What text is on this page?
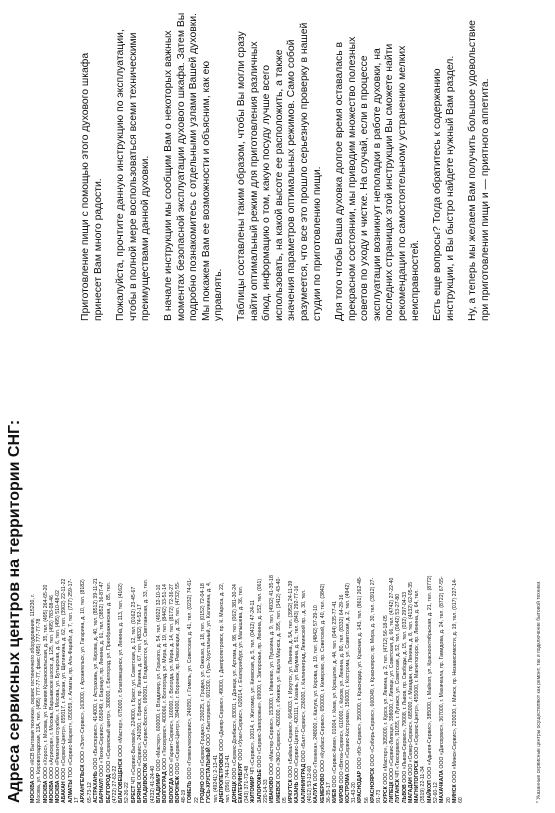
Адреса сервисных центров на территории СНГ: МОСКВА ООО «КСВ Бытовая техника», сервис гостиничного оборудования, 115230, г. Москва, ул. Кировоградская, 13А, тел. (495) 777-77-77, факс (495) 777-77-78 МОСКВА ООО «Хорос», г. Москва, ул. Нижняя Красносельская, д. 35, тел. (495) 264-65-20

МОСКВА ООО «Агрисерв», г. Москва, Варшавское шоссе, д. 125, тел. (495) 783-08-46

МОСКВА ООО «Ремонтная служба», г. Москва, ул. Бутырская, д. 6, тел. (495) 510-48-02

АБАКАН ООО «Сервис-Центр», 655017, г. Абакан, ул. Щетинкина, д. 62, тел. (3902) 22-11-22

АЛМАТЫ ТОО «Сервис-Маркет», 050059, г. Алматы, пр. Аль-Фараби, д. 7, тел. (727) 259-17-17 АРХАНГЕЛЬСК ООО «Элит-Сервис», 163000, г. Архангельск, ул. Гагарина, д. 10, тел. (8182) 65-73-12 АСТРАХАНЬ ООО «Бытсервис», 414000, г. Астрахань, ул. Кирова, д. 40, тел. (8512) 39-11-21

БАРНАУЛ ООО «Техно-Сервис», 656049, г. Барнаул, пр. Ленина, д. 61, тел. (3852) 36-87-47

БЕЛГОРОД ООО «Сервисный центр», 308000, г. Белгород, ул. Преображенская, д. 85, тел. (4722) 27-63-22 БЛАГОВЕЩЕНСК ООО «Мастер», 675000, г. Благовещенск, ул. Ленина, д. 113, тел. (4162) 52-26-22 БРЕСТ ЧП «Сервис-Бытовой», 224000, г. Брест, ул. Советская, д. 12, тел. (0162) 23-45-67

БРЯНСК ООО «Сервис», 241050, г. Брянск, пр. Ленина, д. 67, тел. (4832) 74-52-17

ВЛАДИВОСТОК ООО «Сервис-Восток», 690091, г. Владивосток, ул. Светланская, д. 33, тел. (4232) 41-24-40 ВЛАДИМИР ООО «Мастер», 600000, г. Владимир, ул. Горького, д. 54, тел. (4922) 32-10-10

ВОЛГОГРАД ООО «Техсервис», 400066, г. Волгоград, ул. Мира, д. 19, тел. (8442) 33-51-14

ВОЛОГДА ООО «Гарант-Сервис», 160000, г. Вологда, ул. Мира, д. 14, тел. (8172) 72-36-27

ВОРОНЕЖ ООО «Сервис-Центр», 394000, г. Воронеж, пр. Революции, д. 35, тел. (4732) 55-48-19 ГОМЕЛЬ ООО «Гомельтехсервис», 246050, г. Гомель, ул. Советская, д. 41, тел. (0232) 74-61-22 ГРОДНО ООО «Сервис-Гродно», 230025, г. Гродно, ул. Ожешко, д. 18, тел. (0152) 72-04-18 ГУСЬ-ХРУСТАЛЬНЫЙ ООО «Бытсервис», 601500, г. Гусь-Хрустальный, ул. Калинина, д. 4, тел. (49241) 2-13-41 ДНЕПРОПЕТРОВСК ООО «Днепр-Сервис», 49000, г. Днепропетровск, пр. К. Маркса, д. 22, тел. (056) 744-12-41 ДОНЕЦК ООО «Сервис-Донбасс», 83001, г. Донецк, ул. Артема, д. 98, тел. (062) 381-30-24

ЕКАТЕРИНБУРГ ООО «Урал-Сервис», 620014, г. Екатеринбург, ул. Малышева, д. 36, тел. (343) 371-72-48 ЖИТОМИР ЧП «Сервис», 10014, г. Житомир, ул. Киевская, д. 5, тел. (0412) 47-24-11

ЗАПОРОЖЬЕ ООО «Сервис-Запорожье», 69000, г. Запорожье, пр. Ленина, д. 152, тел. (061) 220-14-33 ИВАНОВО ООО «Мастер-Сервис», 153000, г. Иваново, ул. Пушкина, д. 9, тел. (4932) 41-35-18

ИЖЕВСК ООО «ЭКО-Сервис», 426000, г. Ижевск, ул. Карла Маркса, д. 395, тел. (3412) 43-40-05 ИРКУТСК ООО «Байкал-Сервис», 664003, г. Иркутск, ул. Ленина, д. 5А, тел. (3952) 24-11-39

КАЗАНЬ ООО «Сервис-Центр», 420111, г. Казань, ул. Баумана, д. 51, тел. (843) 292-77-16

КАЛИНИНГРАД ООО «Балт-Сервис», 236000, г. Калининград, Ленинский пр., д. 30, тел. (4012) 53-12-60 КАЛУГА ООО «Техника», 248000, г. Калуга, ул. Кирова, д. 19, тел. (4842) 57-29-10

КЕМЕРОВО ООО «Кузбасс-Сервис», 650000, г. Кемерово, пр. Советский, д. 40, тел. (3842) 36-35-17 КИЕВ ООО «Сервис-Киев», 01004, г. Киев, ул. Крещатик, д. 44, тел. (044) 235-77-41

КИРОВ ООО «Вятка-Сервис», 610000, г. Киров, ул. Ленина, д. 80, тел. (8332) 64-29-16

КОСТРОМА ООО «Сервис-Кострома», 156000, г. Кострома, ул. Советская, д. 2, тел. (4942) 31-43-20 КРАСНОДАР ООО «Юг-Сервис», 350000, г. Краснодар, ул. Красная, д. 143, тел. (861) 262-48-56 КРАСНОЯРСК ООО «Сибирь-Сервис», 660049, г. Красноярск, пр. Мира, д. 30, тел. (3912) 27-91-73 КУРСК ООО «Мастер», 305000, г. Курск, ул. Ленина, д. 2, тел. (4712) 56-18-05

ЛИПЕЦК ООО «Сервис-Липецк», 398000, г. Липецк, ул. Советская, д. 66, тел. (4742) 27-22-40

ЛУГАНСК ЧП «Техсервис», 91055, г. Луганск, ул. Советская, д. 52, тел. (0642) 53-27-80

ЛЬВОВ ООО «Львов-Сервис», 79008, г. Львов, пр. Свободы, д. 15, тел. (032) 297-04-33

МАГАДАН ООО «Север-Сервис», 685000, г. Магадан, пр. Ленина, д. 8, тел. (4132) 62-05-35

МАГНИТОГОРСК ООО «Сервис-Центр», 455000, г. Магнитогорск, пр. Ленина, д. 64, тел. (3519) 22-11-34 МАЙКОП ООО «Адыгея-Сервис», 385000, г. Майкоп, ул. Краснооктябрьская, д. 21, тел. (8772) 52-60-12 МАХАЧКАЛА ООО «Дагсервис», 367000, г. Махачкала, пр. Гамидова, д. 24, тел. (8722) 67-55-20 МИНСК ООО «Минск-Сервис», 220030, г. Минск, пр. Независимости, д. 19, тел. (017) 227-14-60	* Указанные сервисные центры осуществляют как ремонт, так и подключение бытовой техники.

Приготовление пищи с помощью этого духового шкафа принесет Вам много радости. Пожалуйста, прочтите данную инструкцию по эксплуатации, чтобы в полной мере воспользоваться всеми техническими преимуществами данной духовки. В начале инструкции мы сообщим Вам о некоторых важных моментах безопасной эксплуатации духового шкафа. Затем Вы подробно познакомитесь с отдельными узлами Вашей духовки. Мы покажем Вам ее возможности и объясним, как ею управлять. Таблицы составлены таким образом, чтобы Вы могли сразу найти оптимальный режим для приготовления различных блюд, информацию о том, какую посуду лучше всего использовать, на какой высоте ее расположить, а также значения параметров оптимальных режимов. Само собой разумеется, что все это прошло серьезную проверку в нашей студии по приготовлению пищи. Для того чтобы Ваша духовка долгое время оставалась в прекрасном состоянии, мы приводим множество полезных советов по уходу и чистке. На случай, если в процессе эксплуатации возникнут неполадки в работе духовки, на последних страницах этой инструкции Вы сможете найти рекомендации по самостоятельному устранению мелких неисправностей. Есть еще вопросы? Тогда обратитесь к содержанию инструкции, и Вы быстро найдете нужный Вам раздел. Ну, а теперь мы желаем Вам получить большое удовольствие при приготовлении пищи и — приятного аппетита.
